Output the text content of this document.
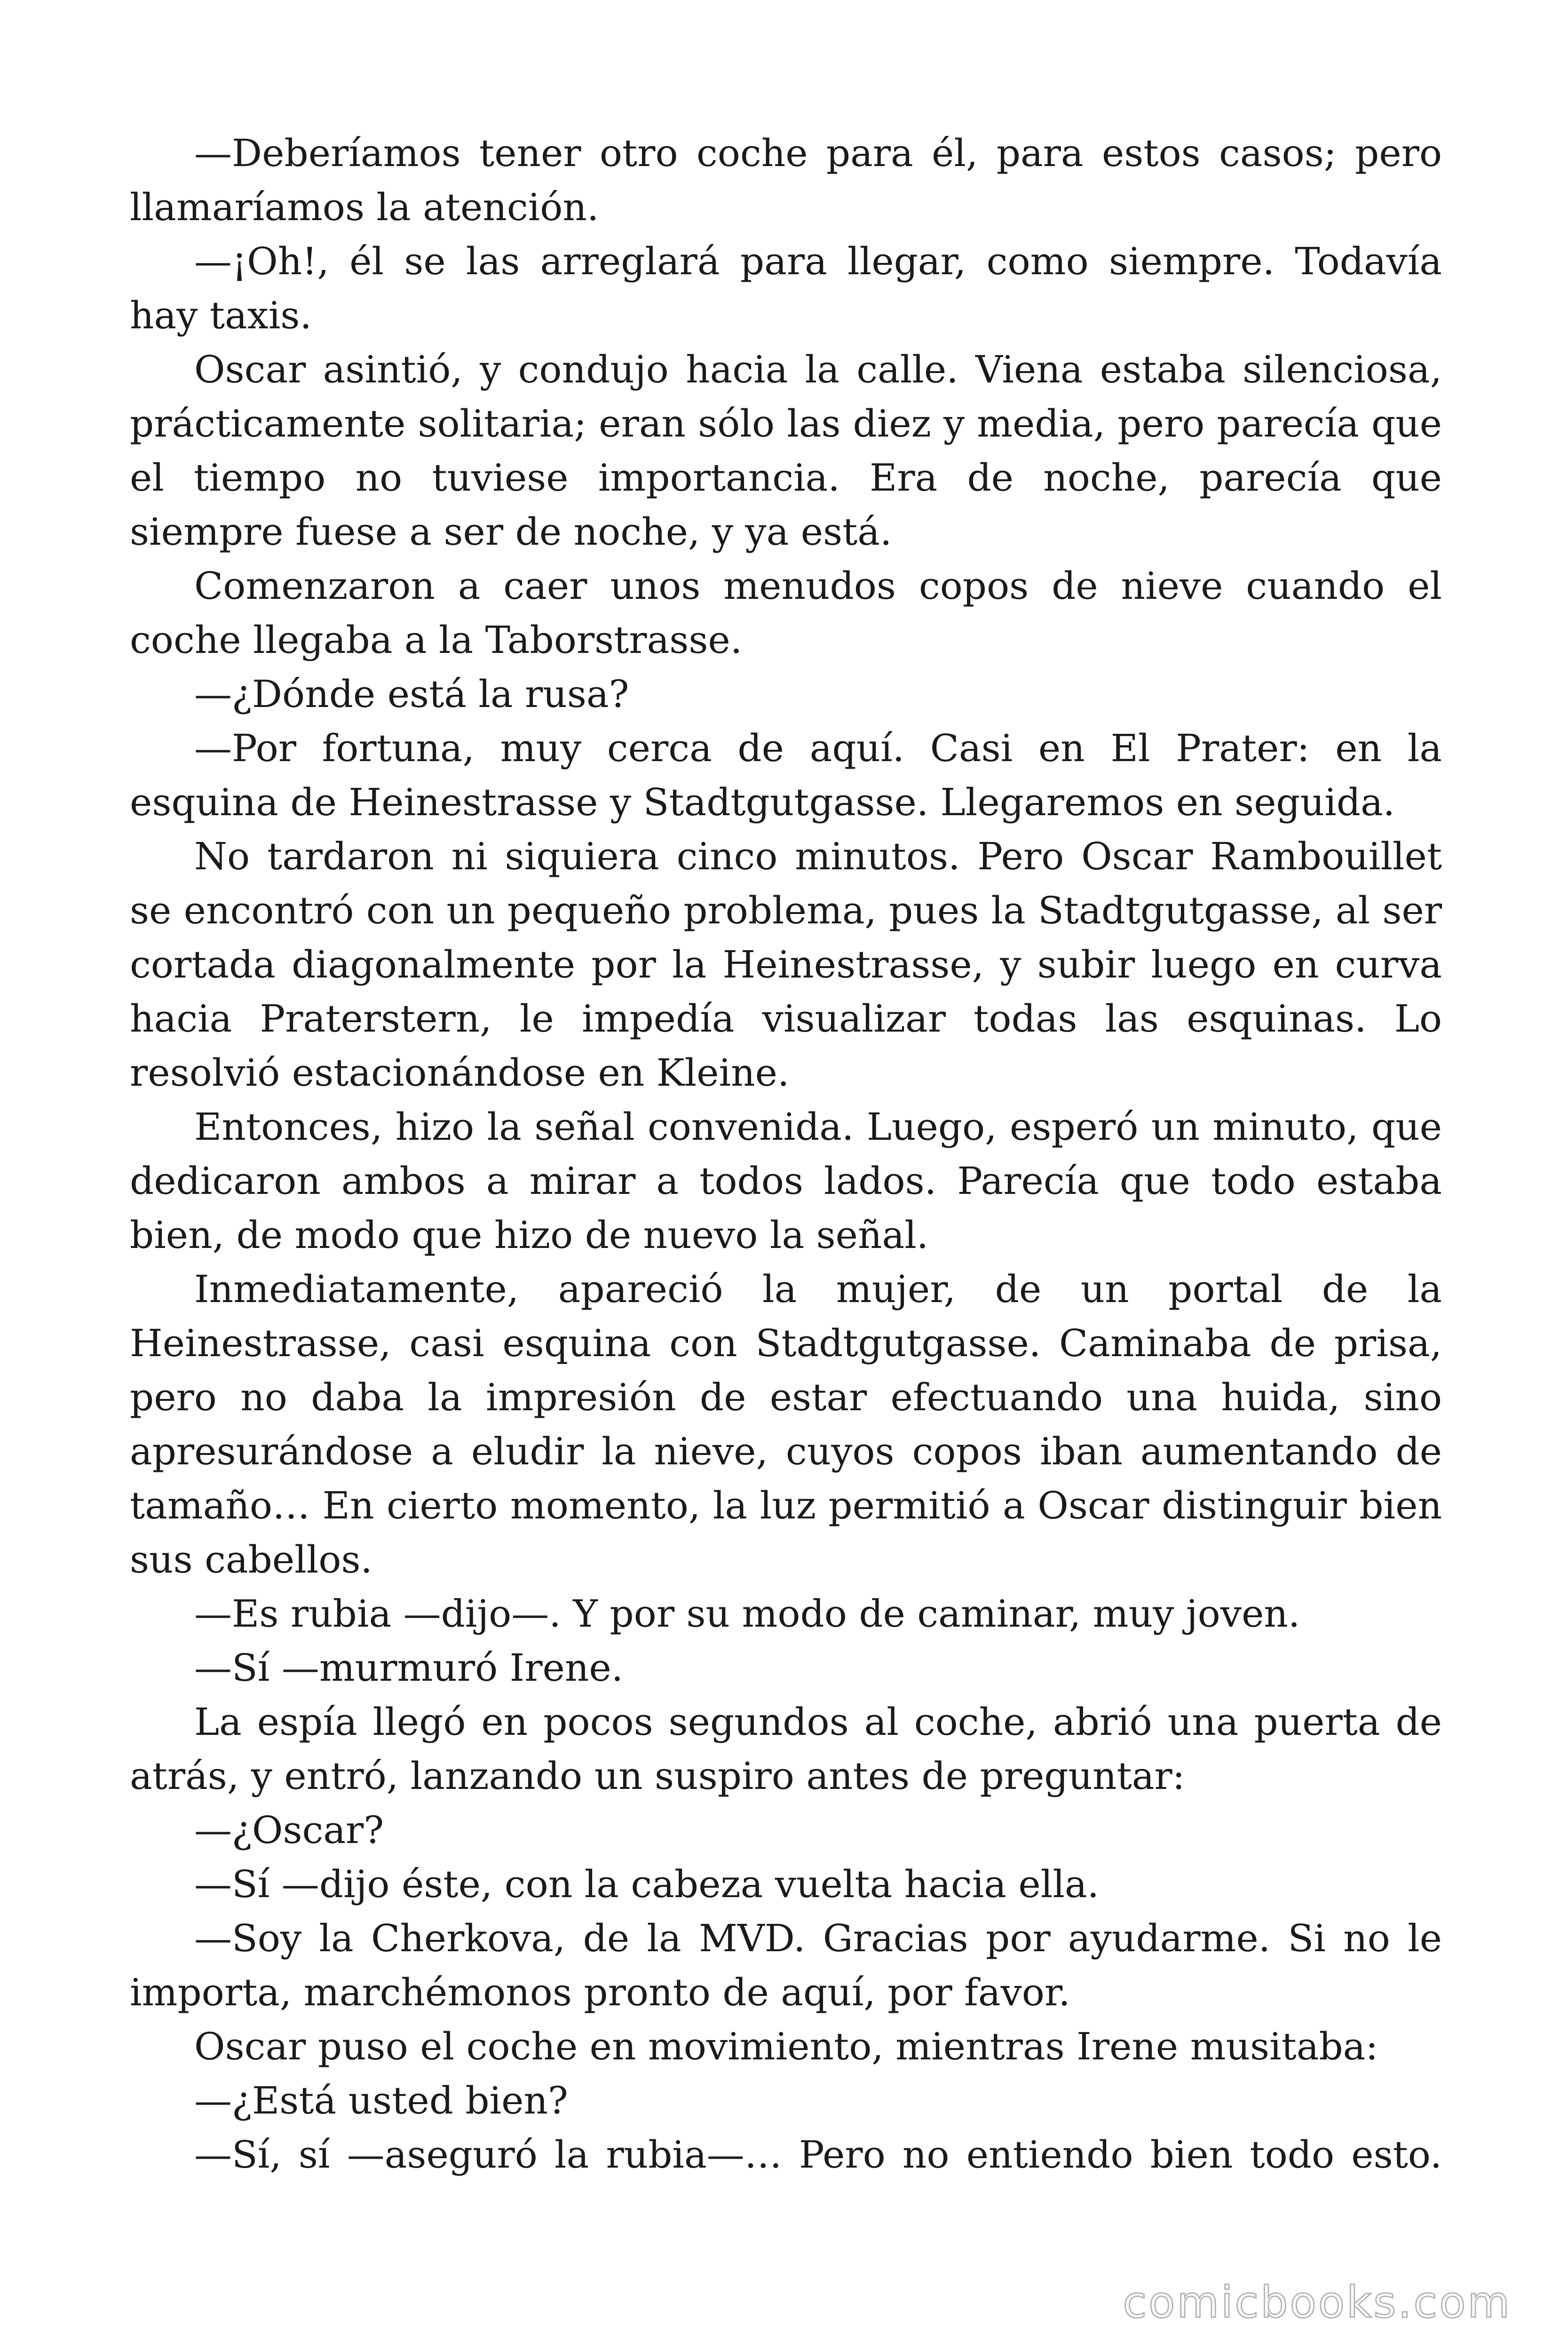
—Deberíamos tener otro coche para él, para estos casos; pero llamaríamos la atención.

—¡Oh!, él se las arreglará para llegar, como siempre. Todavía hay taxis.

Oscar asintió, y condujo hacia la calle. Viena estaba silenciosa, prácticamente solitaria; eran sólo las diez y media, pero parecía que el tiempo no tuviese importancia. Era de noche, parecía que siempre fuese a ser de noche, y ya está.

Comenzaron a caer unos menudos copos de nieve cuando el coche llegaba a la Taborstrasse.

—¿Dónde está la rusa?

—Por fortuna, muy cerca de aquí. Casi en El Prater: en la esquina de Heinestrasse y Stadtgutgasse. Llegaremos en seguida.

No tardaron ni siquiera cinco minutos. Pero Oscar Rambouillet se encontró con un pequeño problema, pues la Stadtgutgasse, al ser cortada diagonalmente por la Heinestrasse, y subir luego en curva hacia Praterstern, le impedía visualizar todas las esquinas. Lo resolvió estacionándose en Kleine.

Entonces, hizo la señal convenida. Luego, esperó un minuto, que dedicaron ambos a mirar a todos lados. Parecía que todo estaba bien, de modo que hizo de nuevo la señal.

Inmediatamente, apareció la mujer, de un portal de la Heinestrasse, casi esquina con Stadtgutgasse. Caminaba de prisa, pero no daba la impresión de estar efectuando una huida, sino apresurándose a eludir la nieve, cuyos copos iban aumentando de tamaño… En cierto momento, la luz permitió a Oscar distinguir bien sus cabellos.

—Es rubia —dijo—. Y por su modo de caminar, muy joven.

—Sí —murmuró Irene.

La espía llegó en pocos segundos al coche, abrió una puerta de atrás, y entró, lanzando un suspiro antes de preguntar:

—¿Oscar?

—Sí —dijo éste, con la cabeza vuelta hacia ella.

—Soy la Cherkova, de la MVD. Gracias por ayudarme. Si no le importa, marchémonos pronto de aquí, por favor.

Oscar puso el coche en movimiento, mientras Irene musitaba:

—¿Está usted bien?

—Sí, sí —aseguró la rubia—… Pero no entiendo bien todo esto.

comicbooks.com
